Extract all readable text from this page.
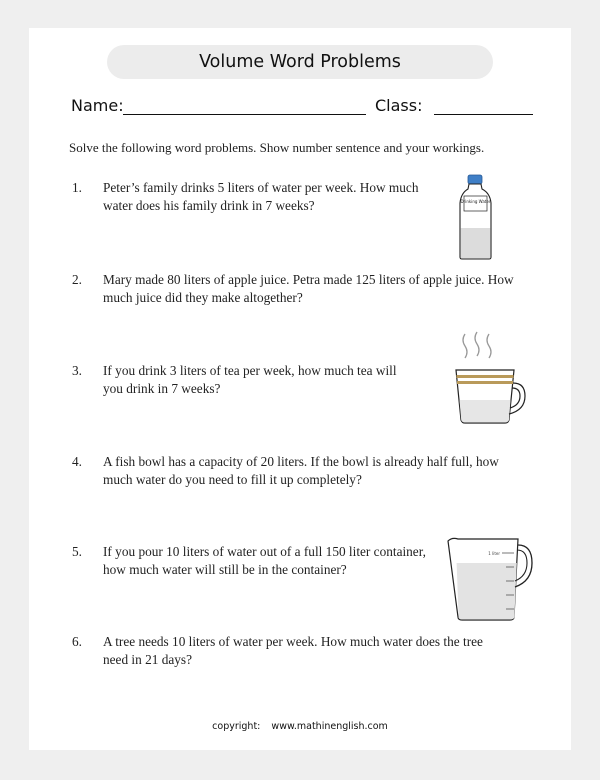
Volume Word Problems
Name:	Class:
Solve the following word problems. Show number sentence and your workings.
1. Peter’s family drinks 5 liters of water per week. How much water does his family drink in 7 weeks?
2. Mary made 80 liters of apple juice. Petra made 125 liters of apple juice. How much juice did they make altogether?
3. If you drink 3 liters of tea per week, how much tea will you drink in 7 weeks?
4. A fish bowl has a capacity of 20 liters. If the bowl is already half full, how much water do you need to fill it up completely?
5. If you pour 10 liters of water out of a full 150 liter container, how much water will still be in the container?
6. A tree needs 10 liters of water per week. How much water does the tree need in 21 days?
Drinking Water
1 liter
copyright: www.mathinenglish.com
